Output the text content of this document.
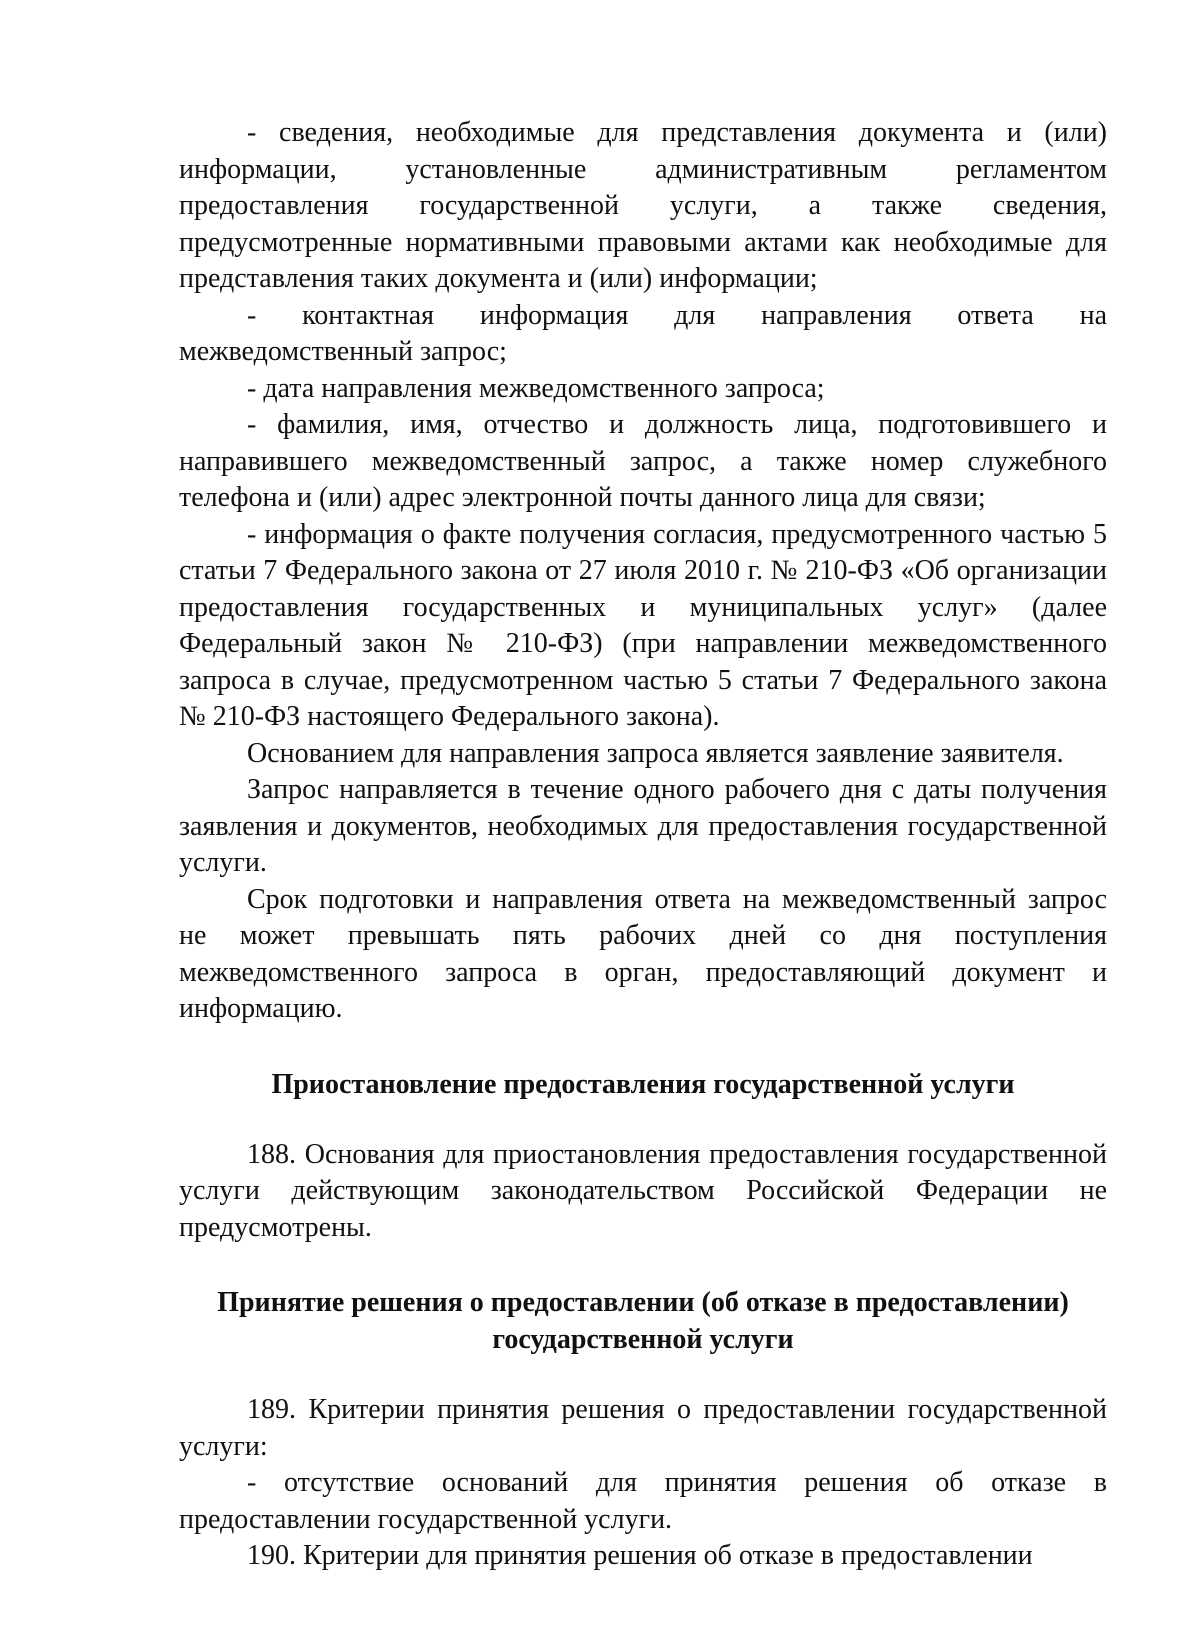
- сведения, необходимые для представления документа и (или) информации, установленные административным регламентом предоставления государственной услуги, а также сведения, предусмотренные нормативными правовыми актами как необходимые для представления таких документа и (или) информации;

- контактная информация для направления ответа на межведомственный запрос;

- дата направления межведомственного запроса;

- фамилия, имя, отчество и должность лица, подготовившего и направившего межведомственный запрос, а также номер служебного телефона и (или) адрес электронной почты данного лица для связи;

- информация о факте получения согласия, предусмотренного частью 5 статьи 7 Федерального закона от 27 июля 2010 г. № 210-ФЗ «Об организации предоставления государственных и муниципальных услуг» (далее Федеральный закон № 210-ФЗ) (при направлении межведомственного запроса в случае, предусмотренном частью 5 статьи 7 Федерального закона № 210-ФЗ настоящего Федерального закона).

Основанием для направления запроса является заявление заявителя.

Запрос направляется в течение одного рабочего дня с даты получения заявления и документов, необходимых для предоставления государственной услуги.

Срок подготовки и направления ответа на межведомственный запрос не может превышать пять рабочих дней со дня поступления межведомственного запроса в орган, предоставляющий документ и информацию.

Приостановление предоставления государственной услуги

188. Основания для приостановления предоставления государственной услуги действующим законодательством Российской Федерации не предусмотрены.

Принятие решения о предоставлении (об отказе в предоставлении)
государственной услуги

189. Критерии принятия решения о предоставлении государственной услуги:

- отсутствие оснований для принятия решения об отказе в предоставлении государственной услуги.

190. Критерии для принятия решения об отказе в предоставлении
